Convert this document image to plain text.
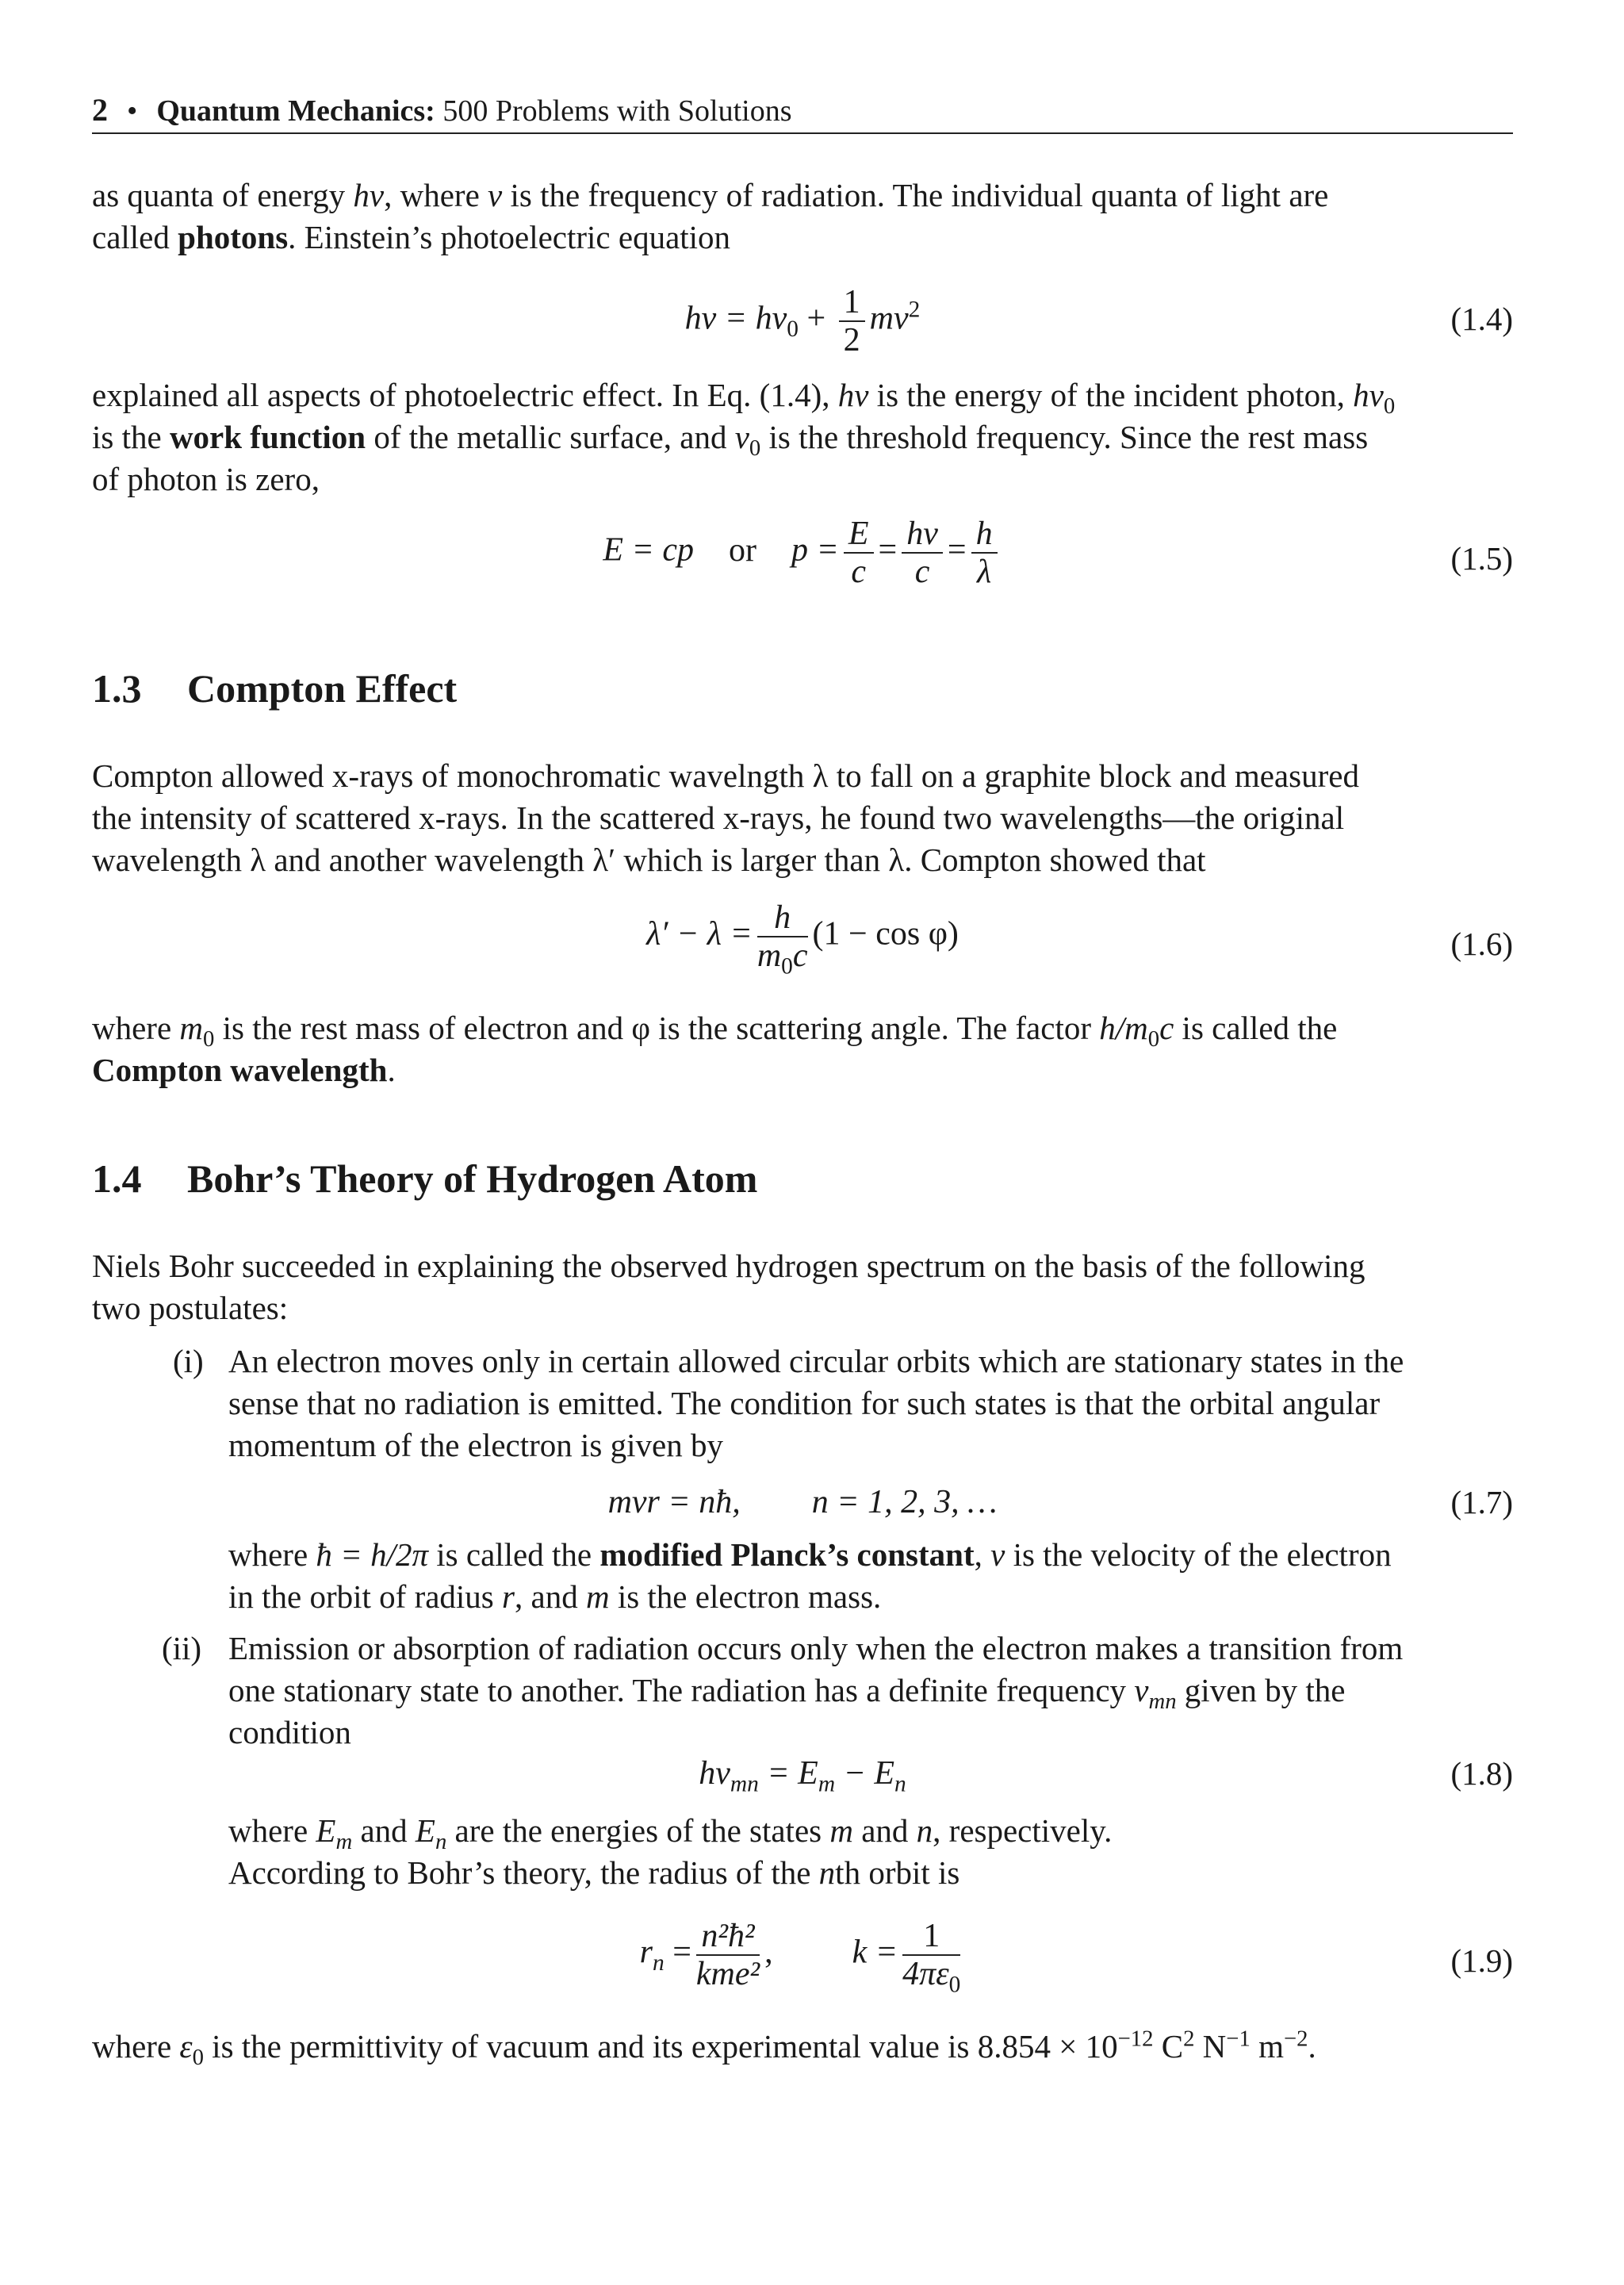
2 • Quantum Mechanics: 500 Problems with Solutions
as quanta of energy hν, where ν is the frequency of radiation. The individual quanta of light are
called photons. Einstein’s photoelectric equation
$h\nu = h\nu_0 + \frac{1}{2} mv^2$	(1.4)
explained all aspects of photoelectric effect. In Eq. (1.4), hν is the energy of the incident photon, $h\nu_0$
is the work function of the metallic surface, and $\nu_0$ is the threshold frequency. Since the rest mass
of photon is zero,
E = cp or $p = \frac{E}{c} = \frac{h\nu}{c} = \frac{h}{\lambda}$	(1.5)
1.3 Compton Effect
Compton allowed x-rays of monochromatic wavelngth λ to fall on a graphite block and measured
the intensity of scattered x-rays. In the scattered x-rays, he found two wavelengths—the original
wavelength λ and another wavelength λ′ which is larger than λ. Compton showed that
$\lambda' - \lambda = \frac{h}{m_0c} (1 - \cos \varphi)$	(1.6)
where $m_0$ is the rest mass of electron and φ is the scattering angle. The factor $h/m_0c$ is called the
Compton wavelength.
1.4 Bohr’s Theory of Hydrogen Atom
Niels Bohr succeeded in explaining the observed hydrogen spectrum on the basis of the following
two postulates:
(i) An electron moves only in certain allowed circular orbits which are stationary states in the
sense that no radiation is emitted. The condition for such states is that the orbital angular
momentum of the electron is given by
mvr = nħ, n = 1, 2, 3, …	(1.7)
where ħ = h/2π is called the modified Planck’s constant, v is the velocity of the electron
in the orbit of radius r, and m is the electron mass.
(ii) Emission or absorption of radiation occurs only when the electron makes a transition from
one stationary state to another. The radiation has a definite frequency $\nu_{mn}$ given by the
condition
$h\nu_{mn} = E_m - E_n$	(1.8)
where $E_m$ and $E_n$ are the energies of the states m and n, respectively.
According to Bohr’s theory, the radius of the nth orbit is
$r_n = \frac{\text{n²ħ²}}{\text{kme²}}$ , $k = \frac{1}{4\pi\varepsilon_0}$	(1.9)
where $\varepsilon_0$ is the permittivity of vacuum and its experimental value is $8.854 \times 10^{-12}$ $C^2$ $N^{-1}$ $m^{-2}$.
